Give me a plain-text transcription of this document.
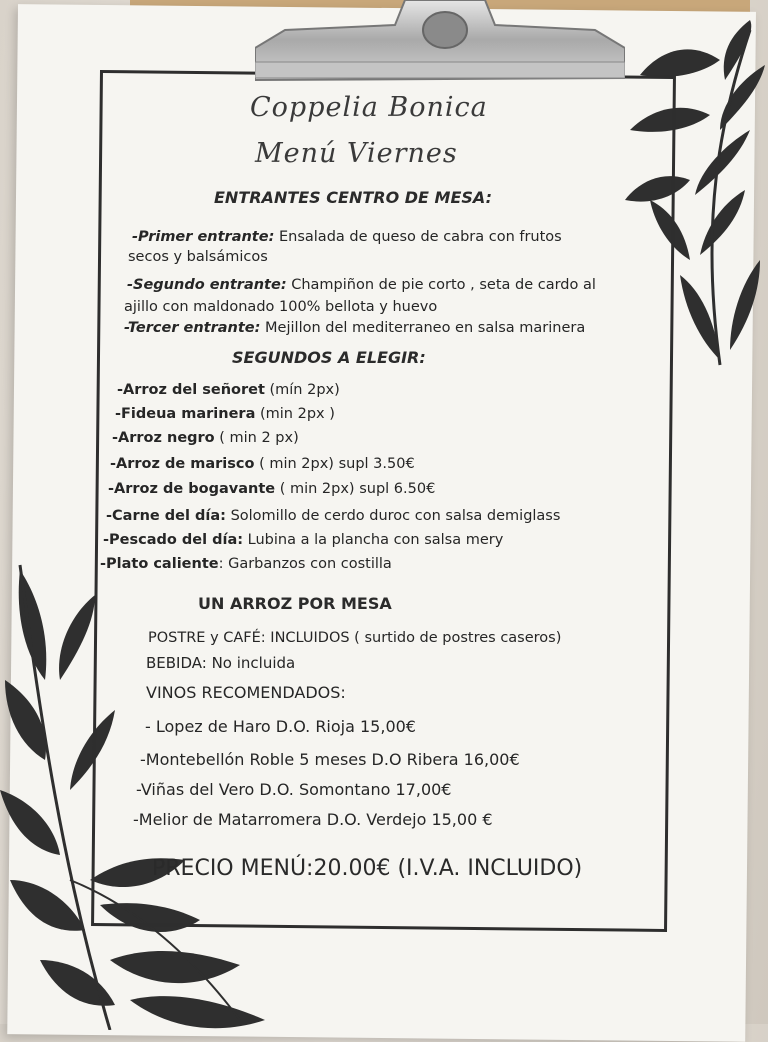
Coppelia Bonica
Menú Viernes
ENTRANTES CENTRO DE MESA:
-Primer entrante: Ensalada de queso de cabra con frutos
secos y balsámicos
-Segundo entrante: Champiñon de pie corto , seta de cardo al
ajillo con maldonado 100% bellota y huevo
-Tercer entrante: Mejillon del mediterraneo en salsa marinera
SEGUNDOS A ELEGIR:
-Arroz del señoret (mín 2px)
-Fideua marinera (min 2px )
-Arroz negro ( min 2 px)
-Arroz de marisco ( min 2px) supl 3.50€
-Arroz de bogavante ( min 2px) supl 6.50€
-Carne del día: Solomillo de cerdo duroc con salsa demiglass
-Pescado del día: Lubina a la plancha con salsa mery
-Plato caliente: Garbanzos con costilla
UN ARROZ POR MESA
POSTRE y CAFÉ: INCLUIDOS ( surtido de postres caseros)
BEBIDA: No incluida
VINOS RECOMENDADOS:
- Lopez de Haro D.O. Rioja 15,00€
-Montebellón Roble 5 meses D.O Ribera 16,00€
-Viñas del Vero D.O. Somontano 17,00€
-Melior de Matarromera D.O. Verdejo 15,00 €
PRECIO MENÚ:20.00€ (I.V.A. INCLUIDO)
